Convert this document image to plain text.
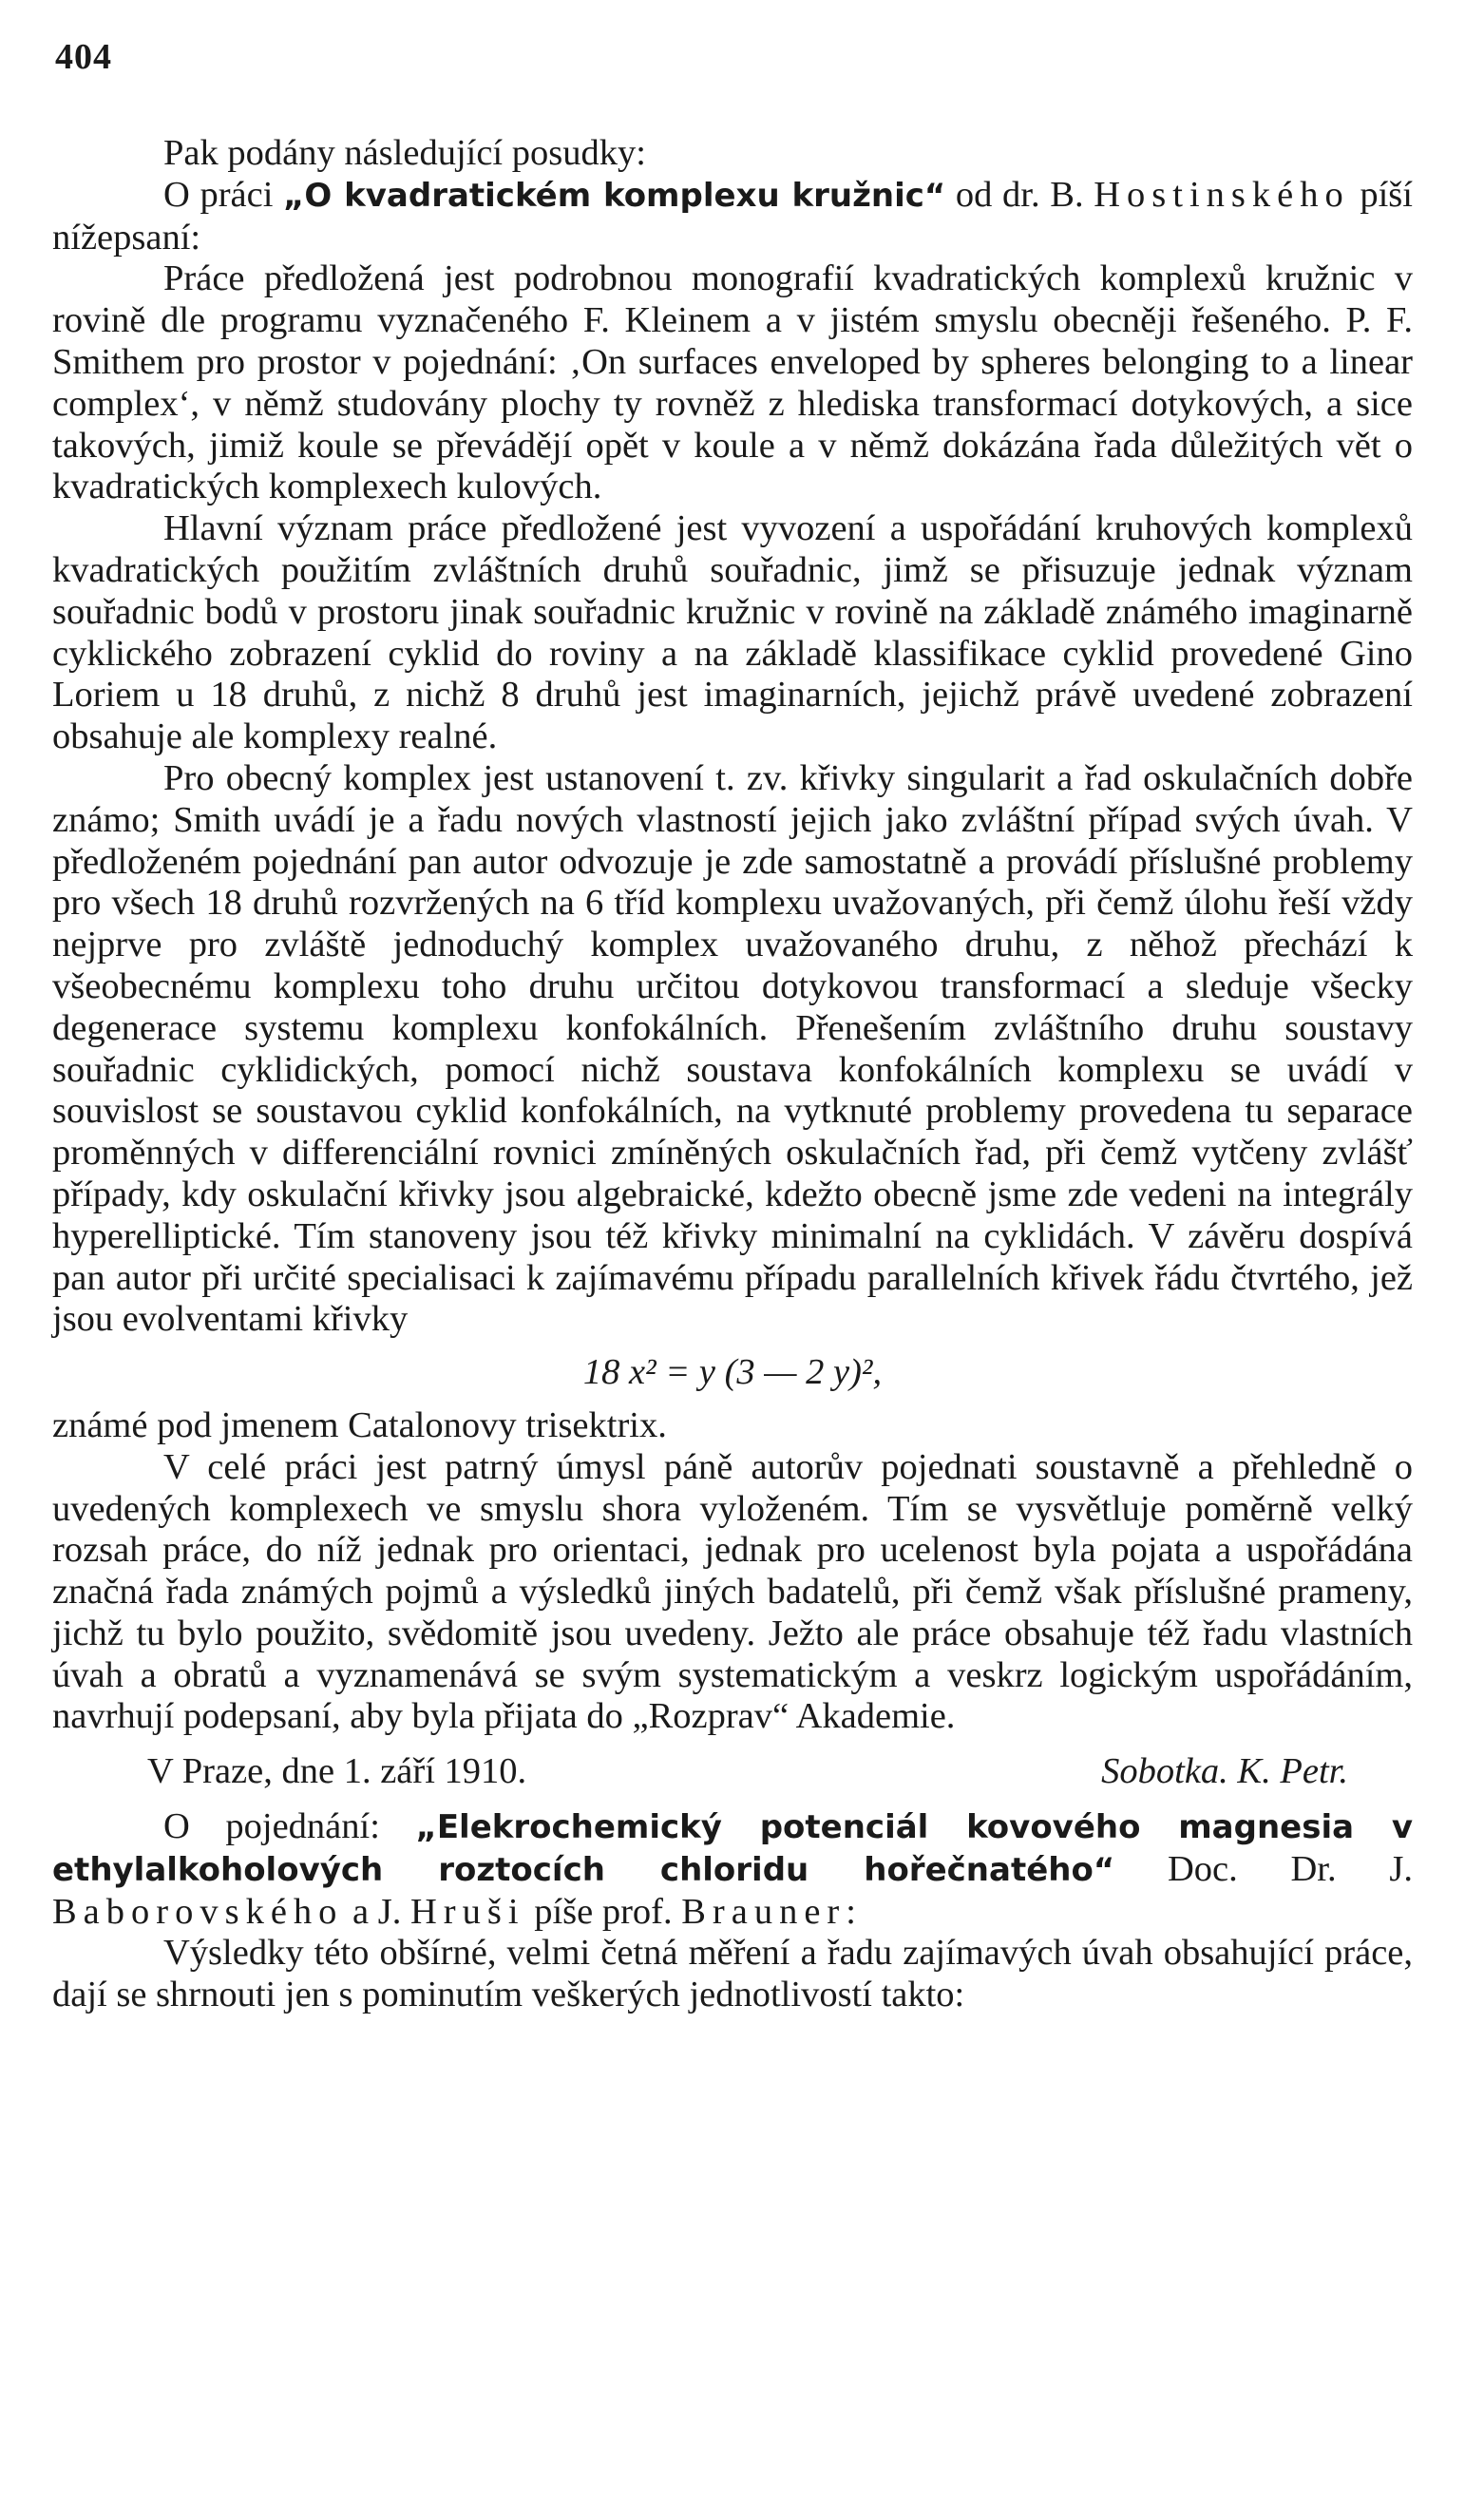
404

Pak podány následující posudky:

O práci „O kvadratickém komplexu kružnic“ od dr. B. Hostinského píší nížepsaní:

Práce předložená jest podrobnou monografií kvadratických komplexů kružnic v rovině dle programu vyznačeného F. Kleinem a v jistém smyslu obecněji řešeného. P. F. Smithem pro prostor v pojednání: ‚On surfaces enveloped by spheres belonging to a linear complex‘, v němž studovány plochy ty rovněž z hlediska transformací dotykových, a sice takových, jimiž koule se převádějí opět v koule a v němž dokázána řada důležitých vět o kvadratických komplexech kulových.

Hlavní význam práce předložené jest vyvození a uspořádání kruhových komplexů kvadratických použitím zvláštních druhů souřadnic, jimž se přisuzuje jednak význam souřadnic bodů v prostoru jinak souřadnic kružnic v rovině na základě známého imaginarně cyklického zobrazení cyklid do roviny a na základě klassifikace cyklid provedené Gino Loriem u 18 druhů, z nichž 8 druhů jest imaginarních, jejichž právě uvedené zobrazení obsahuje ale komplexy realné.

Pro obecný komplex jest ustanovení t. zv. křivky singularit a řad oskulačních dobře známo; Smith uvádí je a řadu nových vlastností jejich jako zvláštní případ svých úvah. V předloženém pojednání pan autor odvozuje je zde samostatně a provádí příslušné problemy pro všech 18 druhů rozvržených na 6 tříd komplexu uvažovaných, při čemž úlohu řeší vždy nejprve pro zvláště jednoduchý komplex uvažovaného druhu, z něhož přechází k všeobecnému komplexu toho druhu určitou dotykovou transformací a sleduje všecky degenerace systemu komplexu konfokálních. Přenešením zvláštního druhu soustavy souřadnic cyklidických, pomocí nichž soustava konfokálních komplexu se uvádí v souvislost se soustavou cyklid konfokálních, na vytknuté problemy provedena tu separace proměnných v differenciální rovnici zmíněných oskulačních řad, při čemž vytčeny zvlášť případy, kdy oskulační křivky jsou algebraické, kdežto obecně jsme zde vedeni na integrály hyperelliptické. Tím stanoveny jsou též křivky minimalní na cyklidách. V závěru dospívá pan autor při určité specialisaci k zajímavému případu parallelních křivek řádu čtvrtého, jež jsou evolventami křivky

18 x² = y (3 — 2 y)²,

známé pod jmenem Catalonovy trisektrix.

V celé práci jest patrný úmysl páně autorův pojednati soustavně a přehledně o uvedených komplexech ve smyslu shora vyloženém. Tím se vysvětluje poměrně velký rozsah práce, do níž jednak pro orientaci, jednak pro ucelenost byla pojata a uspořádána značná řada známých pojmů a výsledků jiných badatelů, při čemž však příslušné prameny, jichž tu bylo použito, svědomitě jsou uvedeny. Ježto ale práce obsahuje též řadu vlastních úvah a obratů a vyznamenává se svým systematickým a veskrz logickým uspořádáním, navrhují podepsaní, aby byla přijata do „Rozprav“ Akademie.

V Praze, dne 1. září 1910.	Sobotka. K. Petr.

O pojednání: „Elekrochemický potenciál kovového magnesia v ethylalkoholových roztocích chloridu hořečnatého“ Doc. Dr. J. Baborovského a J. Hruši píše prof. Brauner:

Výsledky této obšírné, velmi četná měření a řadu zajímavých úvah obsahující práce, dají se shrnouti jen s pominutím veškerých jednotlivostí takto:
